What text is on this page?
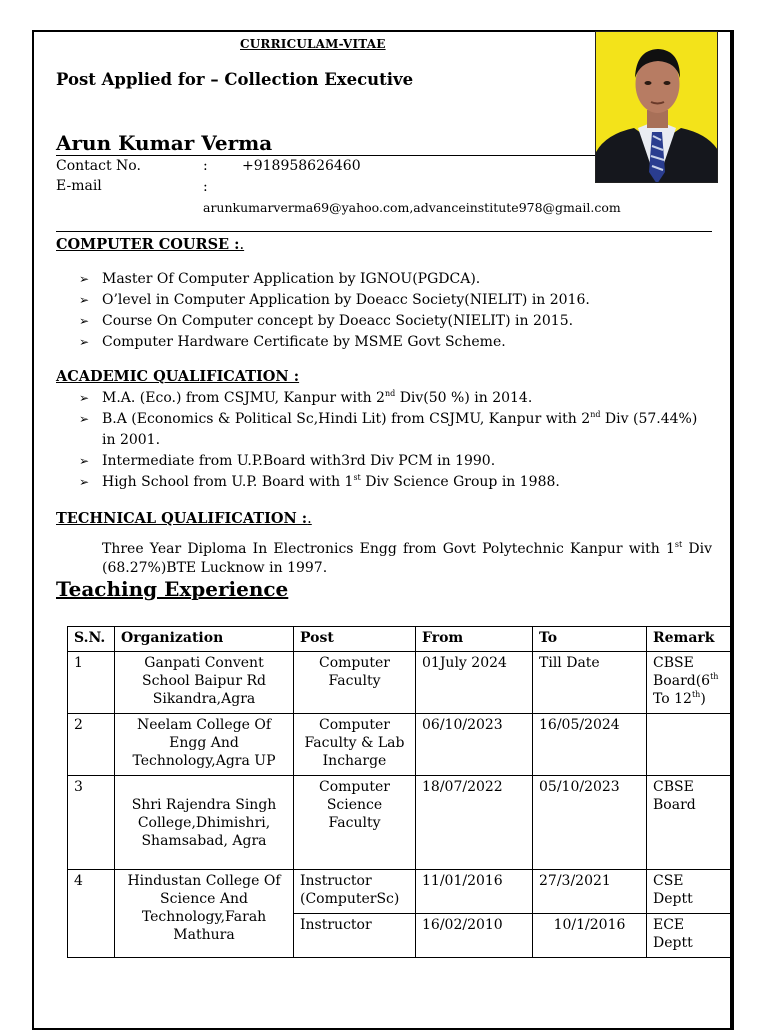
CURRICULAM-VITAE
Post Applied for – Collection Executive
Arun Kumar Verma
Contact No.	: +918958626460
E-mail	:
arunkumarverma69@yahoo.com,advanceinstitute978@gmail.com
COMPUTER COURSE :.
➢ Master Of Computer Application by IGNOU(PGDCA).
➢ O’level in Computer Application by Doeacc Society(NIELIT) in 2016.
➢ Course On Computer concept by Doeacc Society(NIELIT) in 2015.
➢ Computer Hardware Certificate by MSME Govt Scheme.
ACADEMIC QUALIFICATION :
➢ M.A. (Eco.) from CSJMU, Kanpur with 2nd Div(50 %) in 2014.
➢ B.A (Economics & Political Sc,Hindi Lit) from CSJMU, Kanpur with 2nd Div (57.44%)
in 2001.
➢ Intermediate from U.P.Board with3rd Div PCM in 1990.
➢ High School from U.P. Board with 1st Div Science Group in 1988.
TECHNICAL QUALIFICATION :.
Three Year Diploma In Electronics Engg from Govt Polytechnic Kanpur with 1st Div (68.27%)BTE Lucknow in 1997.
Teaching Experience
S.N.	Organization	Post	From	To	Remark
1	Ganpati Convent School Baipur Rd Sikandra,Agra	Computer Faculty	01July 2024	Till Date	CBSE Board(6th To 12th)
2	Neelam College Of Engg And Technology,Agra UP	Computer Faculty & Lab Incharge	06/10/2023	16/05/2024	
3	Shri Rajendra Singh College,Dhimishri, Shamsabad, Agra	Computer Science Faculty	18/07/2022	05/10/2023	CBSE Board
4	Hindustan College Of Science And Technology,Farah Mathura	Instructor (ComputerSc)	11/01/2016	27/3/2021	CSE Deptt
		Instructor	16/02/2010	10/1/2016	ECE Deptt
